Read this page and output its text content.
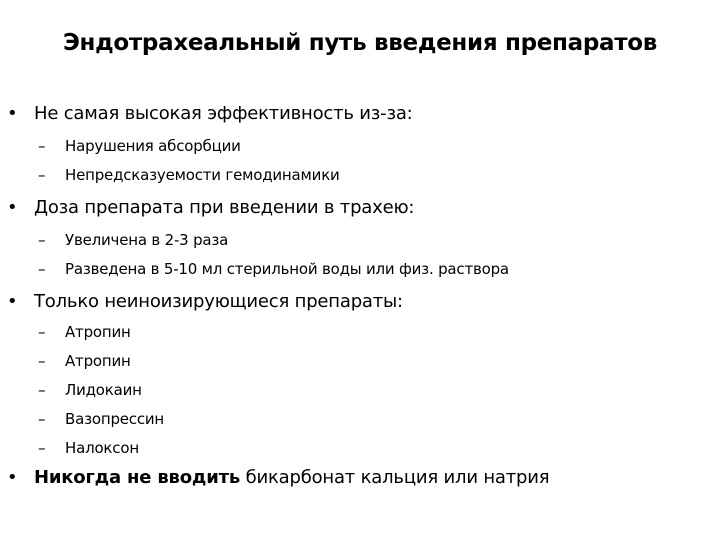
Эндотрахеальный путь введения препаратов
• Не самая высокая эффективность из-за:
– Нарушения абсорбции
– Непредсказуемости гемодинамики
• Доза препарата при введении в трахею:
– Увеличена в 2-3 раза
– Разведена в 5-10 мл стерильной воды или физ. раствора
• Только неиноизирующиеся препараты:
– Атропин
– Атропин
– Лидокаин
– Вазопрессин
– Налоксон
• Никогда не вводить бикарбонат кальция или натрия
